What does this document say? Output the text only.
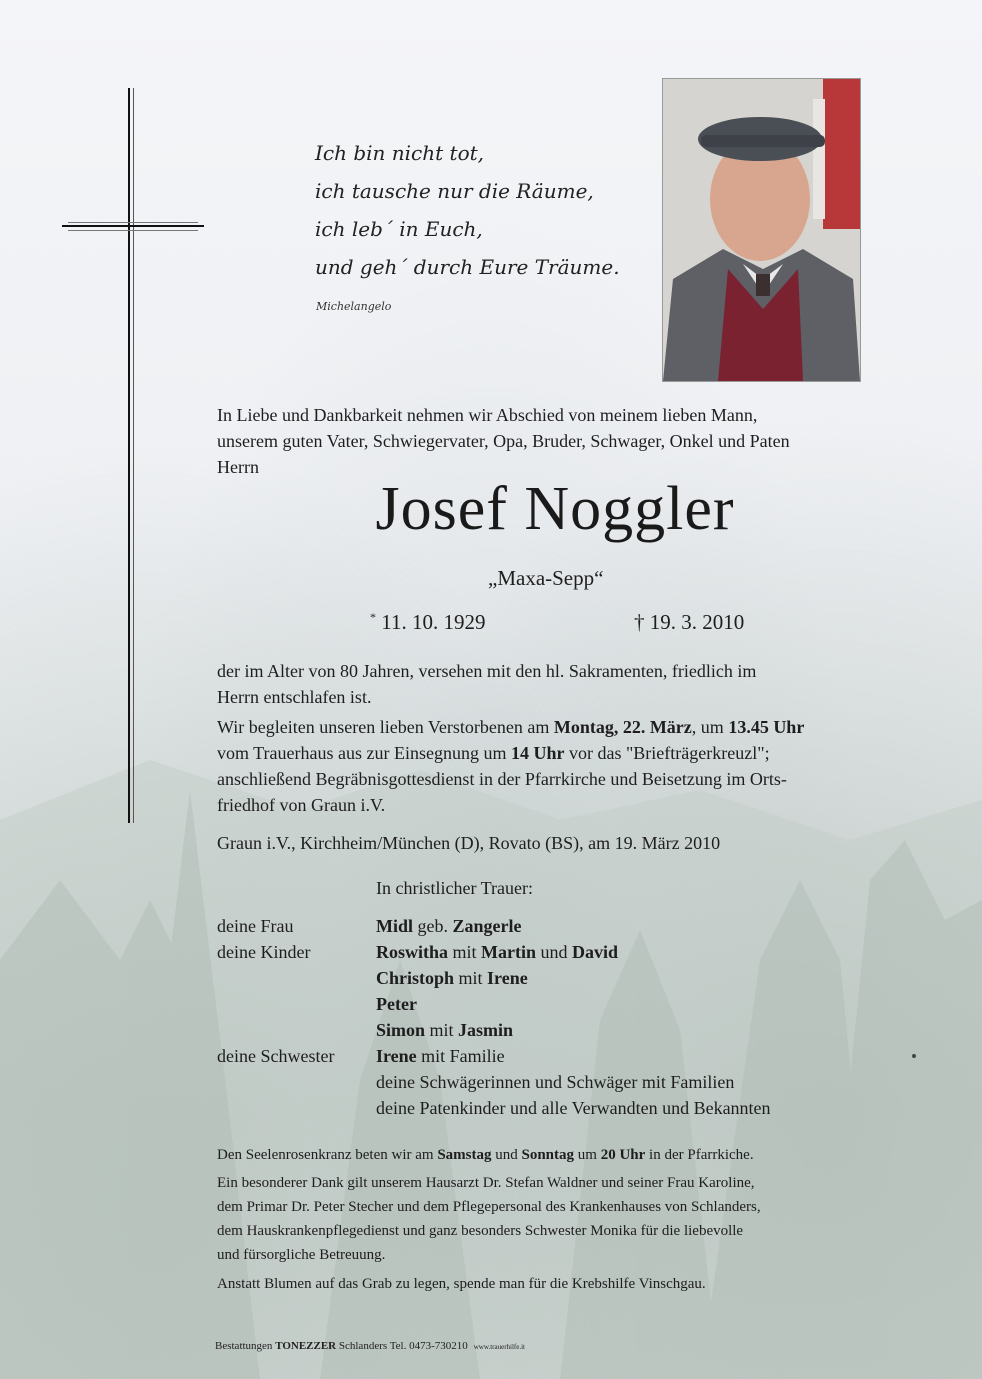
Ich bin nicht tot,
ich tausche nur die Räume,
ich leb´ in Euch,
und geh´ durch Eure Träume.
Michelangelo
In Liebe und Dankbarkeit nehmen wir Abschied von meinem lieben Mann,
unserem guten Vater, Schwiegervater, Opa, Bruder, Schwager, Onkel und Paten
Herrn
Josef Noggler
„Maxa-Sepp“
* 11. 10. 1929	† 19. 3. 2010
der im Alter von 80 Jahren, versehen mit den hl. Sakramenten, friedlich im
Herrn entschlafen ist.
Wir begleiten unseren lieben Verstorbenen am Montag, 22. März, um 13.45 Uhr
vom Trauerhaus aus zur Einsegnung um 14 Uhr vor das "Briefträgerkreuzl";
anschließend Begräbnisgottesdienst in der Pfarrkirche und Beisetzung im Orts-
friedhof von Graun i.V.
Graun i.V., Kirchheim/München (D), Rovato (BS), am 19. März 2010
In christlicher Trauer:
deine Frau	Midl geb. Zangerle
deine Kinder	Roswitha mit Martin und David
Christoph mit Irene
Peter
Simon mit Jasmin
deine Schwester	Irene mit Familie
deine Schwägerinnen und Schwäger mit Familien
deine Patenkinder und alle Verwandten und Bekannten
Den Seelenrosenkranz beten wir am Samstag und Sonntag um 20 Uhr in der Pfarrkiche.
Ein besonderer Dank gilt unserem Hausarzt Dr. Stefan Waldner und seiner Frau Karoline,
dem Primar Dr. Peter Stecher und dem Pflegepersonal des Krankenhauses von Schlanders,
dem Hauskrankenpflegedienst und ganz besonders Schwester Monika für die liebevolle
und fürsorgliche Betreuung.
Anstatt Blumen auf das Grab zu legen, spende man für die Krebshilfe Vinschgau.
Bestattungen TONEZZER Schlanders Tel. 0473-730210 www.trauerhilfe.it
